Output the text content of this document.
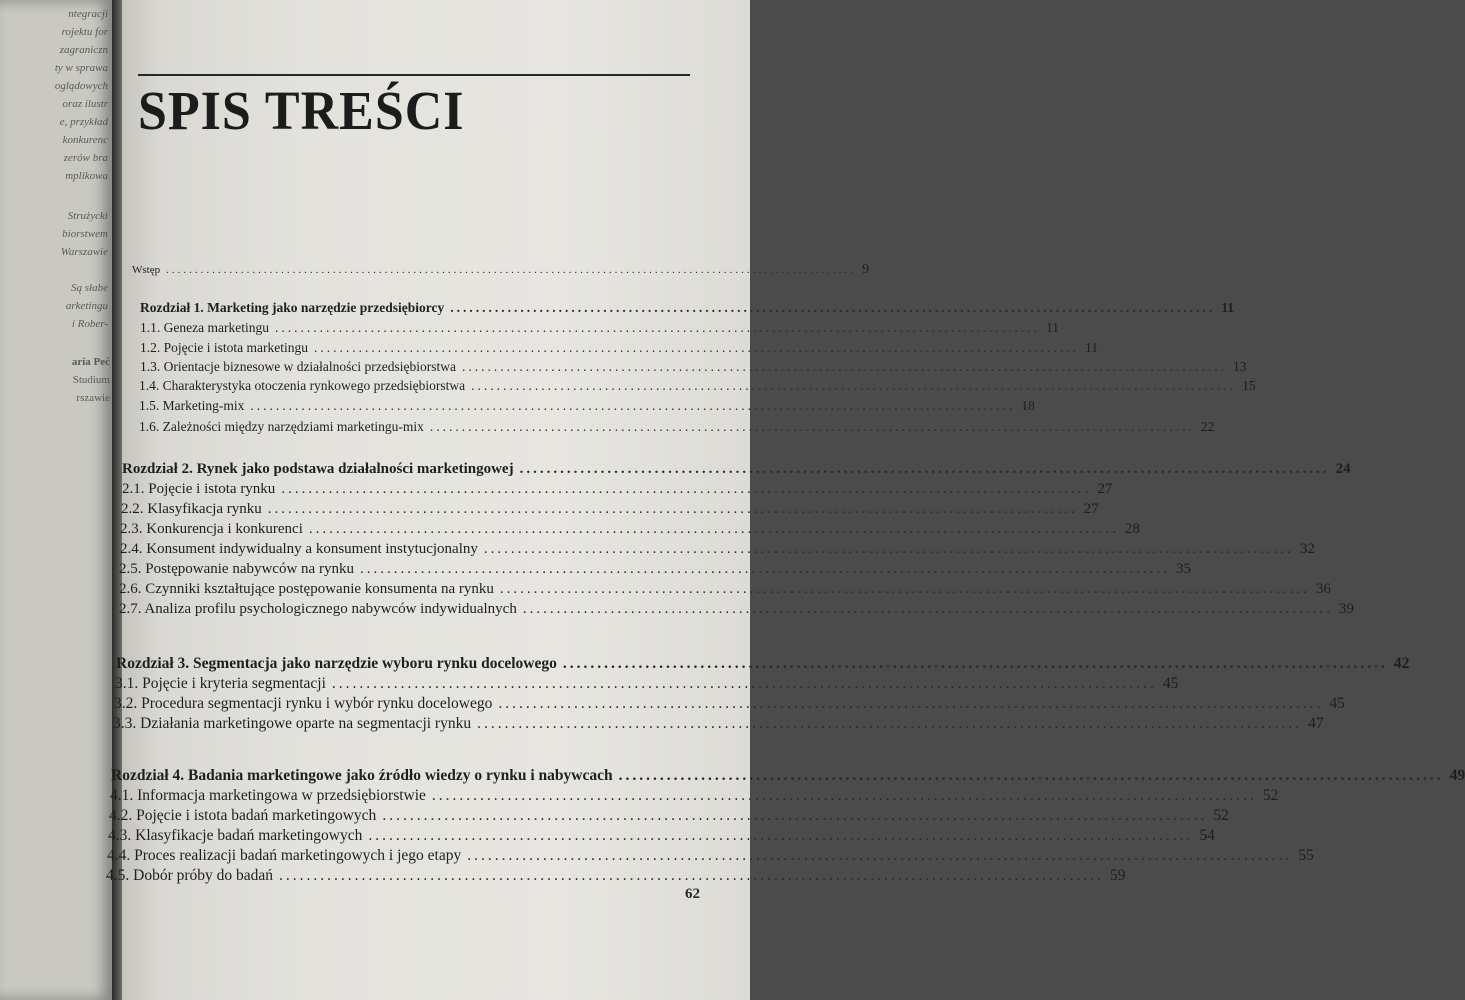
ntegracji
rojektu for
zagraniczn
ty w sprawa
oglądowych
oraz ilustr
e, przykład
konkurenc
zerów bra
mplikowa
Strużycki
biorstwem
Warszawie
Są słabe
arketingu
i Rober-
aria Peć
Studium
rszawie
SPIS TREŚCI
Wstęp ........................................................................................................................ 9
Rozdział 1. Marketing jako narzędzie przedsiębiorcy ........................................................................................................................ 11
1.1. Geneza marketingu ........................................................................................................................ 11
1.2. Pojęcie i istota marketingu ........................................................................................................................ 11
1.3. Orientacje biznesowe w działalności przedsiębiorstwa ........................................................................................................................ 13
1.4. Charakterystyka otoczenia rynkowego przedsiębiorstwa ........................................................................................................................ 15
1.5. Marketing-mix ........................................................................................................................ 18
1.6. Zależności między narzędziami marketingu-mix ........................................................................................................................ 22
Rozdział 2. Rynek jako podstawa działalności marketingowej ........................................................................................................................ 24
2.1. Pojęcie i istota rynku ........................................................................................................................ 27
2.2. Klasyfikacja rynku ........................................................................................................................ 27
2.3. Konkurencja i konkurenci ........................................................................................................................ 28
2.4. Konsument indywidualny a konsument instytucjonalny ........................................................................................................................ 32
2.5. Postępowanie nabywców na rynku ........................................................................................................................ 35
2.6. Czynniki kształtujące postępowanie konsumenta na rynku ........................................................................................................................ 36
2.7. Analiza profilu psychologicznego nabywców indywidualnych ........................................................................................................................ 39
Rozdział 3. Segmentacja jako narzędzie wyboru rynku docelowego ........................................................................................................................ 42
3.1. Pojęcie i kryteria segmentacji ........................................................................................................................ 45
3.2. Procedura segmentacji rynku i wybór rynku docelowego ........................................................................................................................ 45
3.3. Działania marketingowe oparte na segmentacji rynku ........................................................................................................................ 47
Rozdział 4. Badania marketingowe jako źródło wiedzy o rynku i nabywcach ........................................................................................................................ 49
4.1. Informacja marketingowa w przedsiębiorstwie ........................................................................................................................ 52
4.2. Pojęcie i istota badań marketingowych ........................................................................................................................ 52
4.3. Klasyfikacje badań marketingowych ........................................................................................................................ 54
4.4. Proces realizacji badań marketingowych i jego etapy ........................................................................................................................ 55
4.5. Dobór próby do badań ........................................................................................................................ 59
62
